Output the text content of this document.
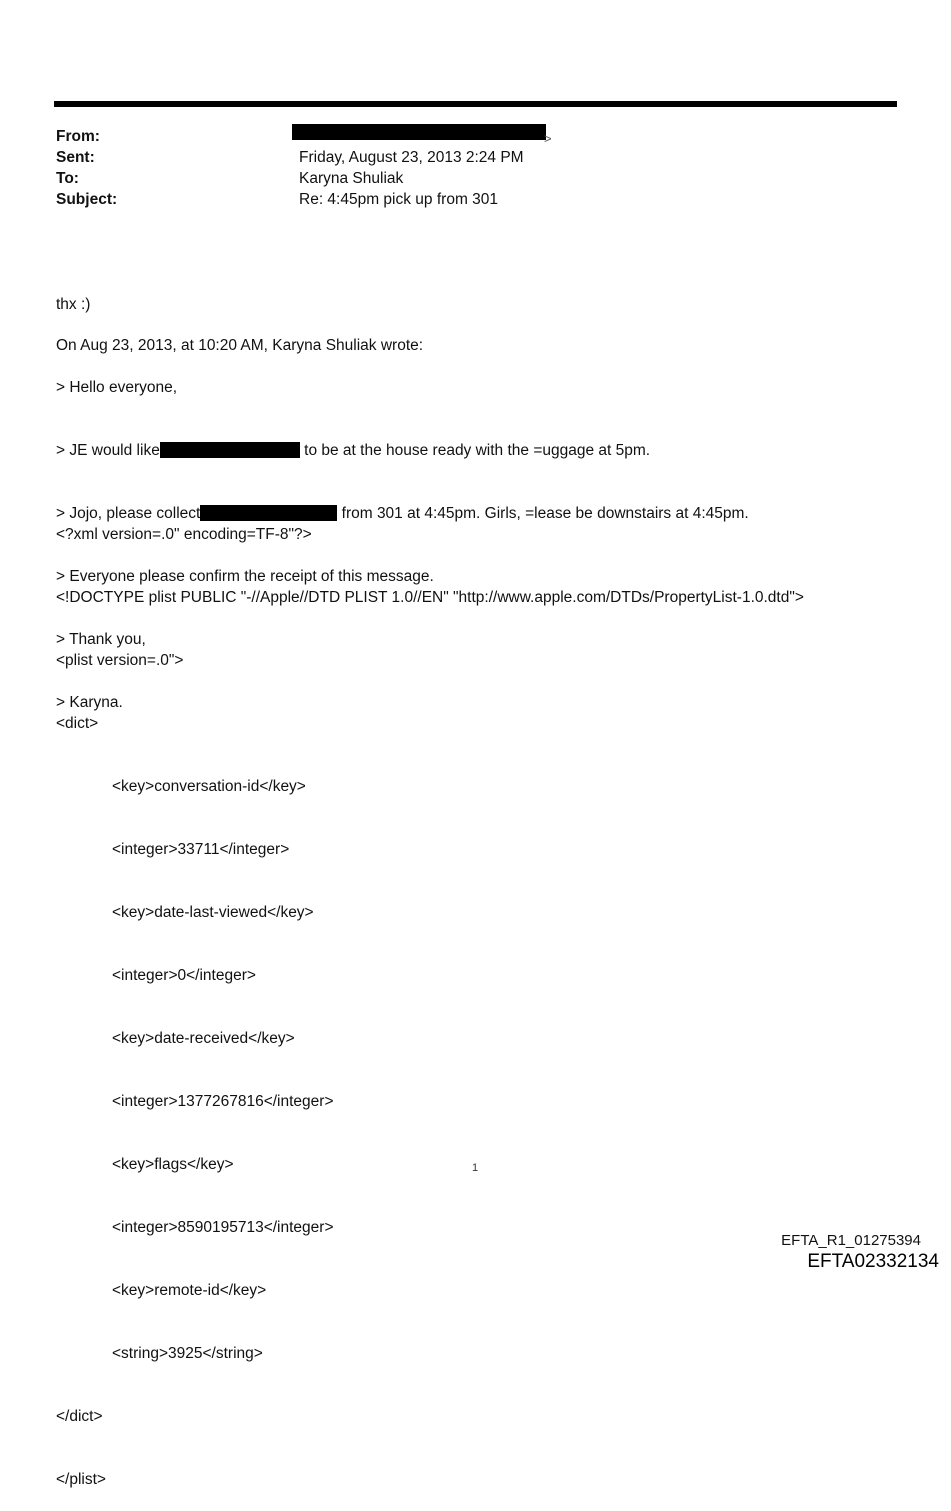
From:	>
Sent:	Friday, August 23, 2013 2:24 PM
To:	Karyna Shuliak
Subject:	Re: 4:45pm pick up from 301

thx :)

On Aug 23, 2013, at 10:20 AM, Karyna Shuliak wrote:

> Hello everyone,

> JE would like	to be at the house ready with the =uggage at 5pm.

> Jojo, please collect	from 301 at 4:45pm. Girls, =lease be downstairs at 4:45pm.

> Everyone please confirm the receipt of this message.

> Thank you,

> Karyna.

<?xml version=.0" encoding=TF-8"?>

<!DOCTYPE plist PUBLIC "-//Apple//DTD PLIST 1.0//EN" "http://www.apple.com/DTDs/PropertyList-1.0.dtd">

<plist version=.0">

<dict>

<key>conversation-id</key>

<integer>33711</integer>

<key>date-last-viewed</key>

<integer>0</integer>

<key>date-received</key>

<integer>1377267816</integer>

<key>flags</key>

<integer>8590195713</integer>

<key>remote-id</key>

<string>3925</string>

</dict>

</plist>

1
EFTA_R1_01275394
EFTA02332134
